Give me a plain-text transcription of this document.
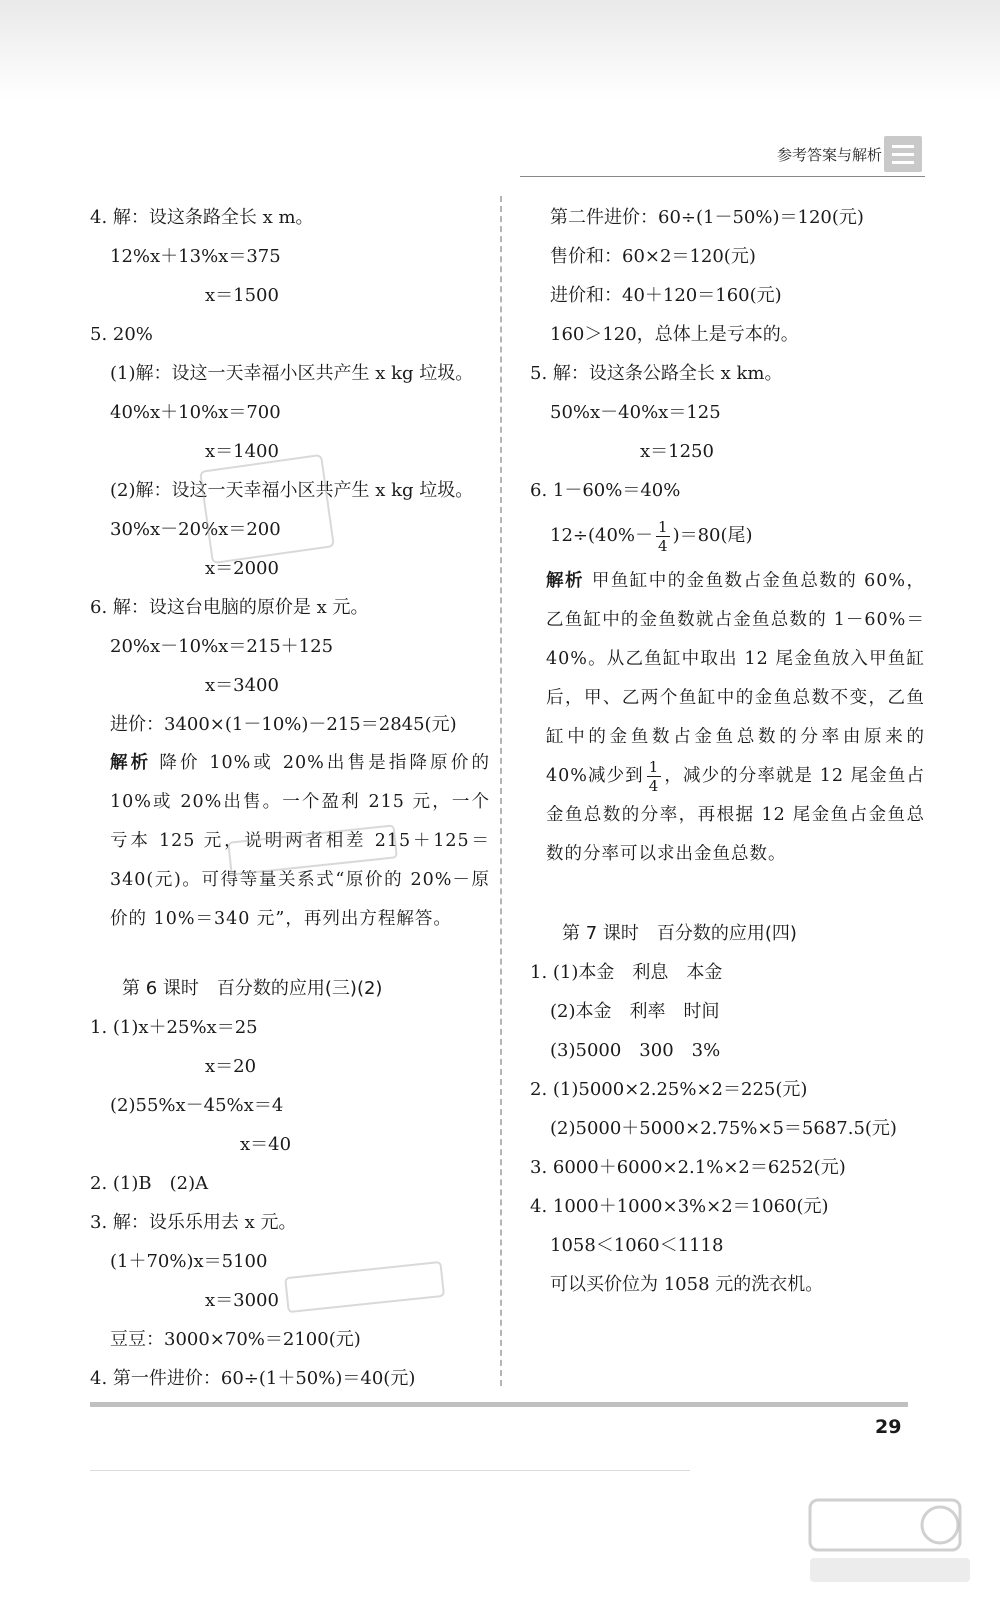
参考答案与解析
4. 解：设这条路全长 x m。
12%x＋13%x＝375
x＝1500
5. 20%
(1)解：设这一天幸福小区共产生 x kg 垃圾。
40%x＋10%x＝700
x＝1400
(2)解：设这一天幸福小区共产生 x kg 垃圾。
30%x－20%x＝200
x＝2000
6. 解：设这台电脑的原价是 x 元。
20%x－10%x＝215＋125
x＝3400
进价：3400×(1－10%)－215＝2845(元)
解析 降价 10%或 20%出售是指降原价的 10%或 20%出售。一个盈利 215 元，一个亏本 125 元，说明两者相差 215＋125＝340(元)。可得等量关系式“原价的 20%－原价的 10%＝340 元”，再列出方程解答。
第 6 课时　百分数的应用(三)(2)
1. (1)x＋25%x＝25
x＝20
(2)55%x－45%x＝4
x＝40
2. (1)B　(2)A
3. 解：设乐乐用去 x 元。
(1＋70%)x＝5100
x＝3000
豆豆：3000×70%＝2100(元)
4. 第一件进价：60÷(1＋50%)＝40(元)
第二件进价：60÷(1－50%)＝120(元)
售价和：60×2＝120(元)
进价和：40＋120＝160(元)
160＞120，总体上是亏本的。
5. 解：设这条公路全长 x km。
50%x－40%x＝125
x＝1250
6. 1－60%＝40%
$12\div(40\%- \frac{1}{4} )=80$(尾)
解析 甲鱼缸中的金鱼数占金鱼总数的 60%，乙鱼缸中的金鱼数就占金鱼总数的 1－60%＝40%。从乙鱼缸中取出 12 尾金鱼放入甲鱼缸后，甲、乙两个鱼缸中的金鱼总数不变，乙鱼缸中的金鱼数占金鱼总数的分率由原来的 40%减少到 $\frac{1}{4}$ ，减少的分率就是 12 尾金鱼占金鱼总数的分率，再根据 12 尾金鱼占金鱼总数的分率可以求出金鱼总数。
第 7 课时　百分数的应用(四)
1. (1)本金　利息　本金
(2)本金　利率　时间
(3)5000　300　3%
2. (1)5000×2.25%×2＝225(元)
(2)5000＋5000×2.75%×5＝5687.5(元)
3. 6000＋6000×2.1%×2＝6252(元)
4. 1000＋1000×3%×2＝1060(元)
1058＜1060＜1118
可以买价位为 1058 元的洗衣机。
29
